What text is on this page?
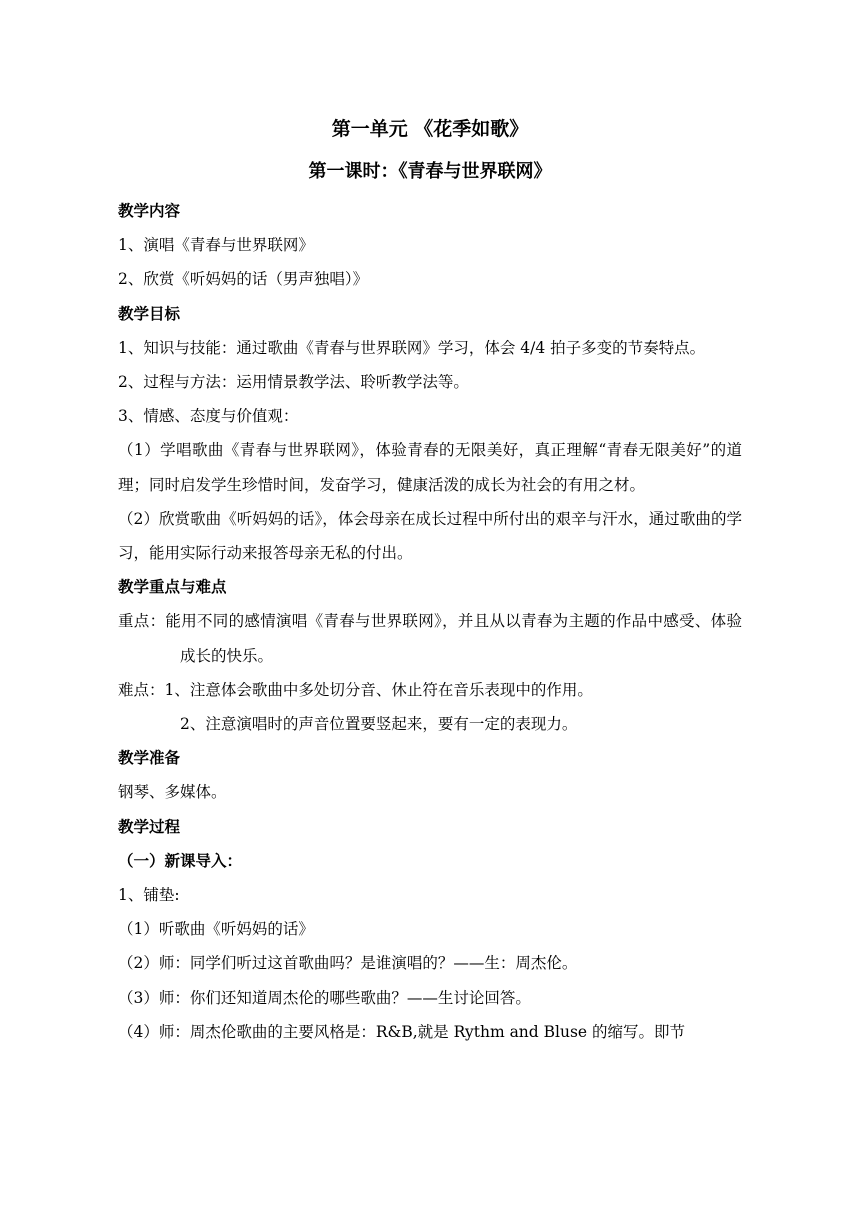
第一单元 《花季如歌》
第一课时：《青春与世界联网》
教学内容
1、演唱《青春与世界联网》
2、欣赏《听妈妈的话（男声独唱）》
教学目标
1、知识与技能：通过歌曲《青春与世界联网》学习，体会 4/4 拍子多变的节奏特点。
2、过程与方法：运用情景教学法、聆听教学法等。
3、情感、态度与价值观：
（1）学唱歌曲《青春与世界联网》，体验青春的无限美好，真正理解“青春无限美好”的道理；同时启发学生珍惜时间，发奋学习，健康活泼的成长为社会的有用之材。
（2）欣赏歌曲《听妈妈的话》，体会母亲在成长过程中所付出的艰辛与汗水，通过歌曲的学习，能用实际行动来报答母亲无私的付出。
教学重点与难点
重点：能用不同的感情演唱《青春与世界联网》，并且从以青春为主题的作品中感受、体验成长的快乐。
难点：1、注意体会歌曲中多处切分音、休止符在音乐表现中的作用。
2、注意演唱时的声音位置要竖起来，要有一定的表现力。
教学准备
钢琴、多媒体。
教学过程
（一）新课导入：
1、铺垫:
（1）听歌曲《听妈妈的话》
（2）师：同学们听过这首歌曲吗？是谁演唱的？——生：周杰伦。
（3）师：你们还知道周杰伦的哪些歌曲？——生讨论回答。
（4）师：周杰伦歌曲的主要风格是：R&B,就是 Rythm and Bluse 的缩写。即节
